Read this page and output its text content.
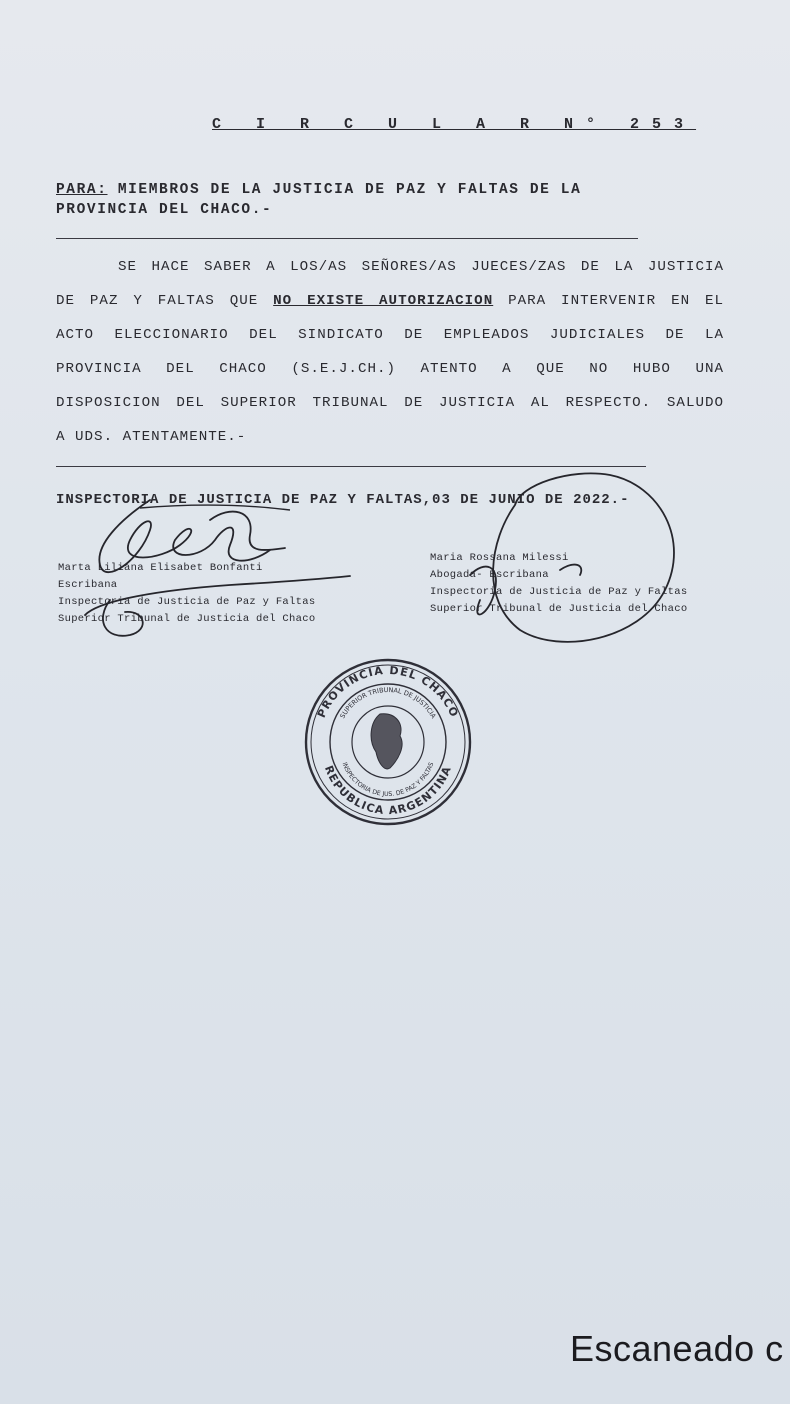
C I R C U L A R N° 253
PARA: MIEMBROS DE LA JUSTICIA DE PAZ Y FALTAS DE LA
PROVINCIA DEL CHACO.-
SE HACE SABER A LOS/AS SEÑORES/AS JUECES/ZAS DE LA JUSTICIA
DE PAZ Y FALTAS QUE NO EXISTE AUTORIZACION PARA INTERVENIR EN EL
ACTO ELECCIONARIO DEL SINDICATO DE EMPLEADOS JUDICIALES DE LA
PROVINCIA DEL CHACO (S.E.J.CH.) ATENTO A QUE NO HUBO UNA
DISPOSICION DEL SUPERIOR TRIBUNAL DE JUSTICIA AL RESPECTO. SALUDO
A UDS. ATENTAMENTE.-
INSPECTORIA DE JUSTICIA DE PAZ Y FALTAS,03 DE JUNIO DE 2022.-
Marta Liliana Elisabet Bonfanti
Escribana
Inspectoria de Justicia de Paz y Faltas
Superior Tribunal de Justicia del Chaco
Maria Rossana Milessi
Abogada- Escribana
Inspectoria de Justicia de Paz y Faltas
Superior Tribunal de Justicia del Chaco
PROVINCIA DEL CHACO
REPUBLICA ARGENTINA
SUPERIOR TRIBUNAL DE JUSTICIA
INSPECTORIA DE JUS. DE PAZ Y FALTAS
Escaneado c
